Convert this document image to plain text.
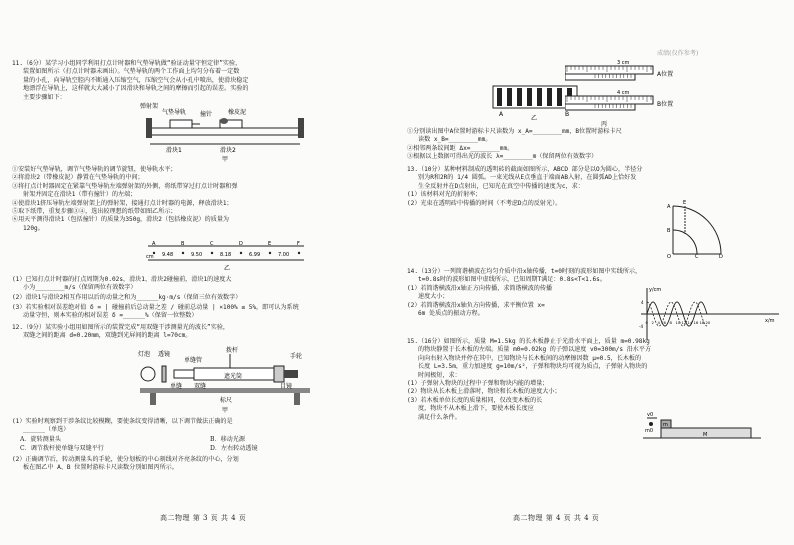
11.（6分）某学习小组同学利用打点计时器和气垫导轨做“验证动量守恒定律”实验，
装置如图所示（打点计时器未画出）。气垫导轨的两个工作面上均匀分布着一定数
量的小孔，向导轨空腔内不断通入压缩空气，压缩空气会从小孔中喷出，使滑块稳定
地漂浮在导轨上，这样就大大减小了因滑块和导轨之间的摩擦而引起的误差。实验的
主要步骤如下：
弹射架
气垫导轨 撞针	橡皮泥
滑块1	滑块2
甲
①安装好气垫导轨，调节气垫导轨的调节旋钮，使导轨水平；
②将滑块2（带橡皮泥）静置在气垫导轨的中间；
③将打点计时器固定在紧靠气垫导轨左端弹射架的外侧，将纸带穿过打点计时器和弹
射架并固定在滑块1（带有撞针）的左端；
④使滑块1挤压导轨左端弹射架上的弹射架，接通打点计时器的电源，释放滑块1；
⑤取下纸带，重复步骤③④，选出较理想的纸带如图乙所示；
⑥用天平测得滑块1（包括撞针）的质量为350g，滑块2（包括橡皮泥）的质量为
120g。
A	B	C	D	E	F
9.48	9.50	8.18	6.99	7.00
cm
乙
(1）已知打点计时器的打点周期为0.02s，滑块1、滑块2碰撞前，滑块1的速度大
小为________m/s（保留两位有效数字）
(2）滑块1与滑块2相互作用以后的动量之和为______kg·m/s（保留三位有效数字）
(3）若实验相对误差绝对值 δ = | 碰撞前后总动量之差 / 碰前总动量 | ×100% ≤ 5%，即可认为系统
动量守恒，则本实验的相对误差 δ =______%（保留一位整数）
12.（9分）某实验小组用如图所示的装置完成“用双缝干涉测量光的波长”实验，
双缝之间的距离 d=0.20mm，双缝到光屏间的距离 l=70cm。
灯泡 透镜
单缝管
拨杆
手轮
遮光筒
单缝 双缝	目镜
标尺
甲
(1）实验时观察到干涉条纹比较模糊，要使条纹变得清晰，以下调节做法正确的是
______（单选）
A．旋转测量头	B．移动光源
C．调节拨杆使单缝与双缝平行	D．左右转动透镜
(2）正确调节后，转动测量头的手轮，使分划板的中心刻线对齐亮条纹的中心，分划
板在图乙中 A、B 位置时游标卡尺读数分别如图丙所示。
高二物理 第 3 页 共 4 页
A	B
乙
3 cm
4 cm
A位置
B位置
丙
成绩(仅作参考)
①分别读出图中A位置时游标卡尺读数为 x_A=________mm，B位置时游标卡尺
读数 x_B=________mm。
②相邻两条纹间距 Δx=________mm。
③根据以上数据可得出光的波长 λ=________m（保留两位有效数字）
13.（10分）某种材料制成的透明砖的截面如图所示，ABCD 部分是以O为圆心，半径分
别为R和2R的 1/4 圆弧。一束光线从E点垂直于端面AB入射，在圆弧AD上恰好发
生全反射并在D点射出，已知光在真空中传播的速度为c，求：
(1）该材料对光的折射率；
(2）光束在透明砖中传播的时间（不考虑D点的反射光）。
A
E
B
O	C	D
14.（13分）一列简谐横波在均匀介质中沿x轴传播，t=0时刻的波形如图中实线所示，
t=0.8s时的波形如图中虚线所示，已知周期T满足：0.8s<T<1.6s。
(1）若简谐横波沿x轴正方向传播，求简谐横波的传播
速度大小；
(2）若简谐横波沿x轴负方向传播，求平衡位置 x=
6m 处质点的振动方程。
y/cm
x/m
0 2 4 6 8 10 12 14 16 18 20
4
-4
15.（16分）如图所示，质量 M=1.5kg 的长木板静止于光滑水平面上，质量 m=0.98kg
的物块静置于长木板的左端。质量 m0=0.02kg 的子弹以速度 v0=300m/s 沿水平方
向向右射入物块并停在其中，已知物块与长木板间的动摩擦因数 μ=0.5，长木板的
长度 L=3.5m，重力加速度 g=10m/s²，子弹和物块均可视为质点，子弹射入物块的
时间极短，求：
(1）子弹射入物块的过程中子弹和物块内能的增量；
(2）物块从长木板上滑落时，物块和长木板的速度大小；
(3）若木板单位长度的质量相同，仅改变木板的长
度，物块不从木板上滑下，要使木板长度应
满足什么条件。	v0
m0
m
M
高二物理 第 4 页 共 4 页
